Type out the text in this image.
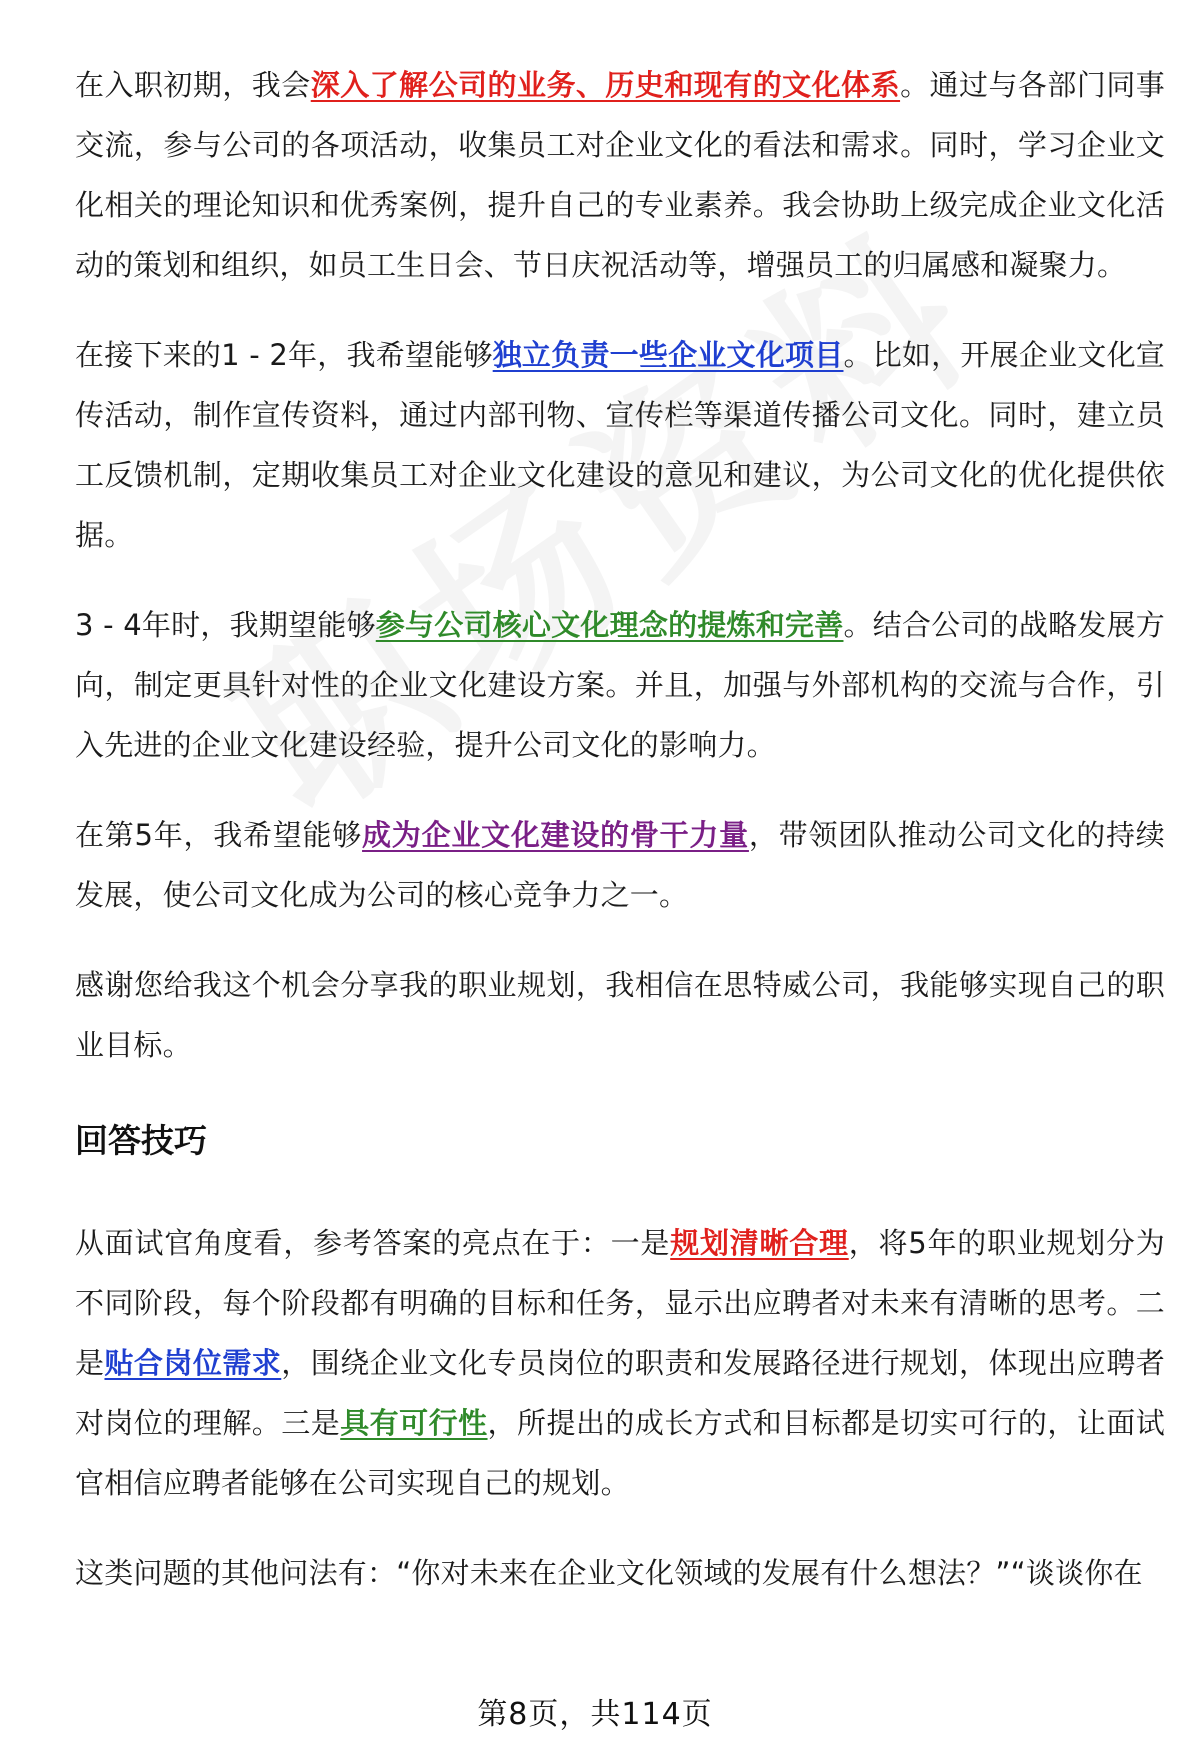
在入职初期，我会深入了解公司的业务、历史和现有的文化体系。通过与各部门同事交流，参与公司的各项活动，收集员工对企业文化的看法和需求。同时，学习企业文化相关的理论知识和优秀案例，提升自己的专业素养。我会协助上级完成企业文化活动的策划和组织，如员工生日会、节日庆祝活动等，增强员工的归属感和凝聚力。

在接下来的1 - 2年，我希望能够独立负责一些企业文化项目。比如，开展企业文化宣传活动，制作宣传资料，通过内部刊物、宣传栏等渠道传播公司文化。同时，建立员工反馈机制，定期收集员工对企业文化建设的意见和建议，为公司文化的优化提供依据。

3 - 4年时，我期望能够参与公司核心文化理念的提炼和完善。结合公司的战略发展方向，制定更具针对性的企业文化建设方案。并且，加强与外部机构的交流与合作，引入先进的企业文化建设经验，提升公司文化的影响力。

在第5年，我希望能够成为企业文化建设的骨干力量，带领团队推动公司文化的持续发展，使公司文化成为公司的核心竞争力之一。

感谢您给我这个机会分享我的职业规划，我相信在思特威公司，我能够实现自己的职业目标。

回答技巧

从面试官角度看，参考答案的亮点在于：一是规划清晰合理，将5年的职业规划分为不同阶段，每个阶段都有明确的目标和任务，显示出应聘者对未来有清晰的思考。二是贴合岗位需求，围绕企业文化专员岗位的职责和发展路径进行规划，体现出应聘者对岗位的理解。三是具有可行性，所提出的成长方式和目标都是切实可行的，让面试官相信应聘者能够在公司实现自己的规划。

这类问题的其他问法有：“你对未来在企业文化领域的发展有什么想法？”“谈谈你在

第8页，共114页
